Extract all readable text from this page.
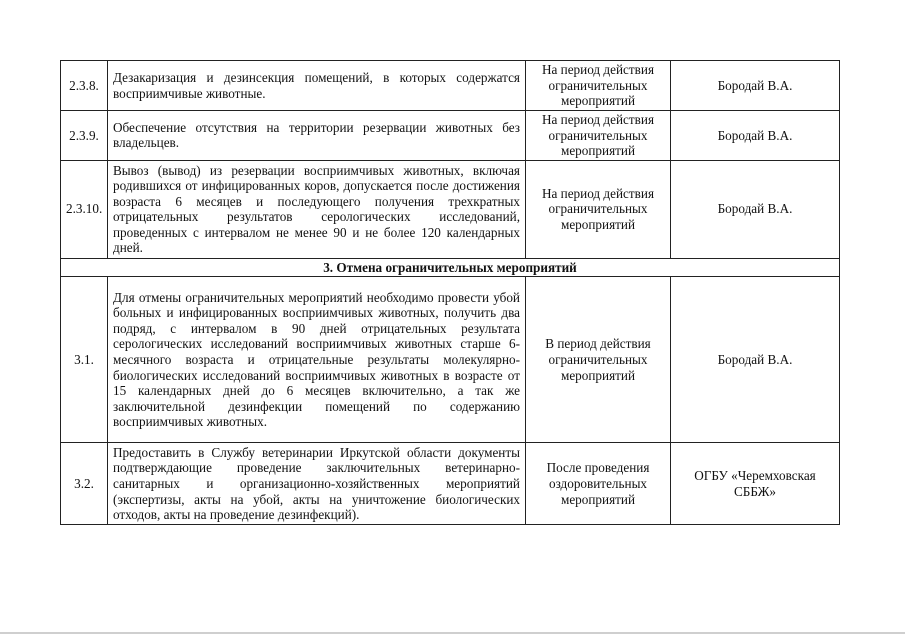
2.3.8.	Дезакаризация и дезинсекция помещений, в которых содержатся восприимчивые животные.	На период действия ограничительных мероприятий	Бородай В.А.
2.3.9.	Обеспечение отсутствия на территории резервации животных без владельцев.	На период действия ограничительных мероприятий	Бородай В.А.
2.3.10.	Вывоз (вывод) из резервации восприимчивых животных, включая родившихся от инфицированных коров, допускается после достижения возраста 6 месяцев и последующего получения трехкратных отрицательных результатов серологических исследований, проведенных с интервалом не менее 90 и не более 120 календарных дней.	На период действия ограничительных мероприятий	Бородай В.А.
3. Отмена ограничительных мероприятий			
3.1.	Для отмены ограничительных мероприятий необходимо провести убой больных и инфицированных восприимчивых животных, получить два подряд, с интервалом в 90 дней отрицательных результата серологических исследований восприимчивых животных старше 6-месячного возраста и отрицательные результаты молекулярно-биологических исследований восприимчивых животных в возрасте от 15 календарных дней до 6 месяцев включительно, а так же заключительной дезинфекции помещений по содержанию восприимчивых животных.	В период действия ограничительных мероприятий	Бородай В.А.
3.2.	Предоставить в Службу ветеринарии Иркутской области документы подтверждающие проведение заключительных ветеринарно-санитарных и организационно-хозяйственных мероприятий (экспертизы, акты на убой, акты на уничтожение биологических отходов, акты на проведение дезинфекций).	После проведения оздоровительных мероприятий	ОГБУ «Черемховская СББЖ»
